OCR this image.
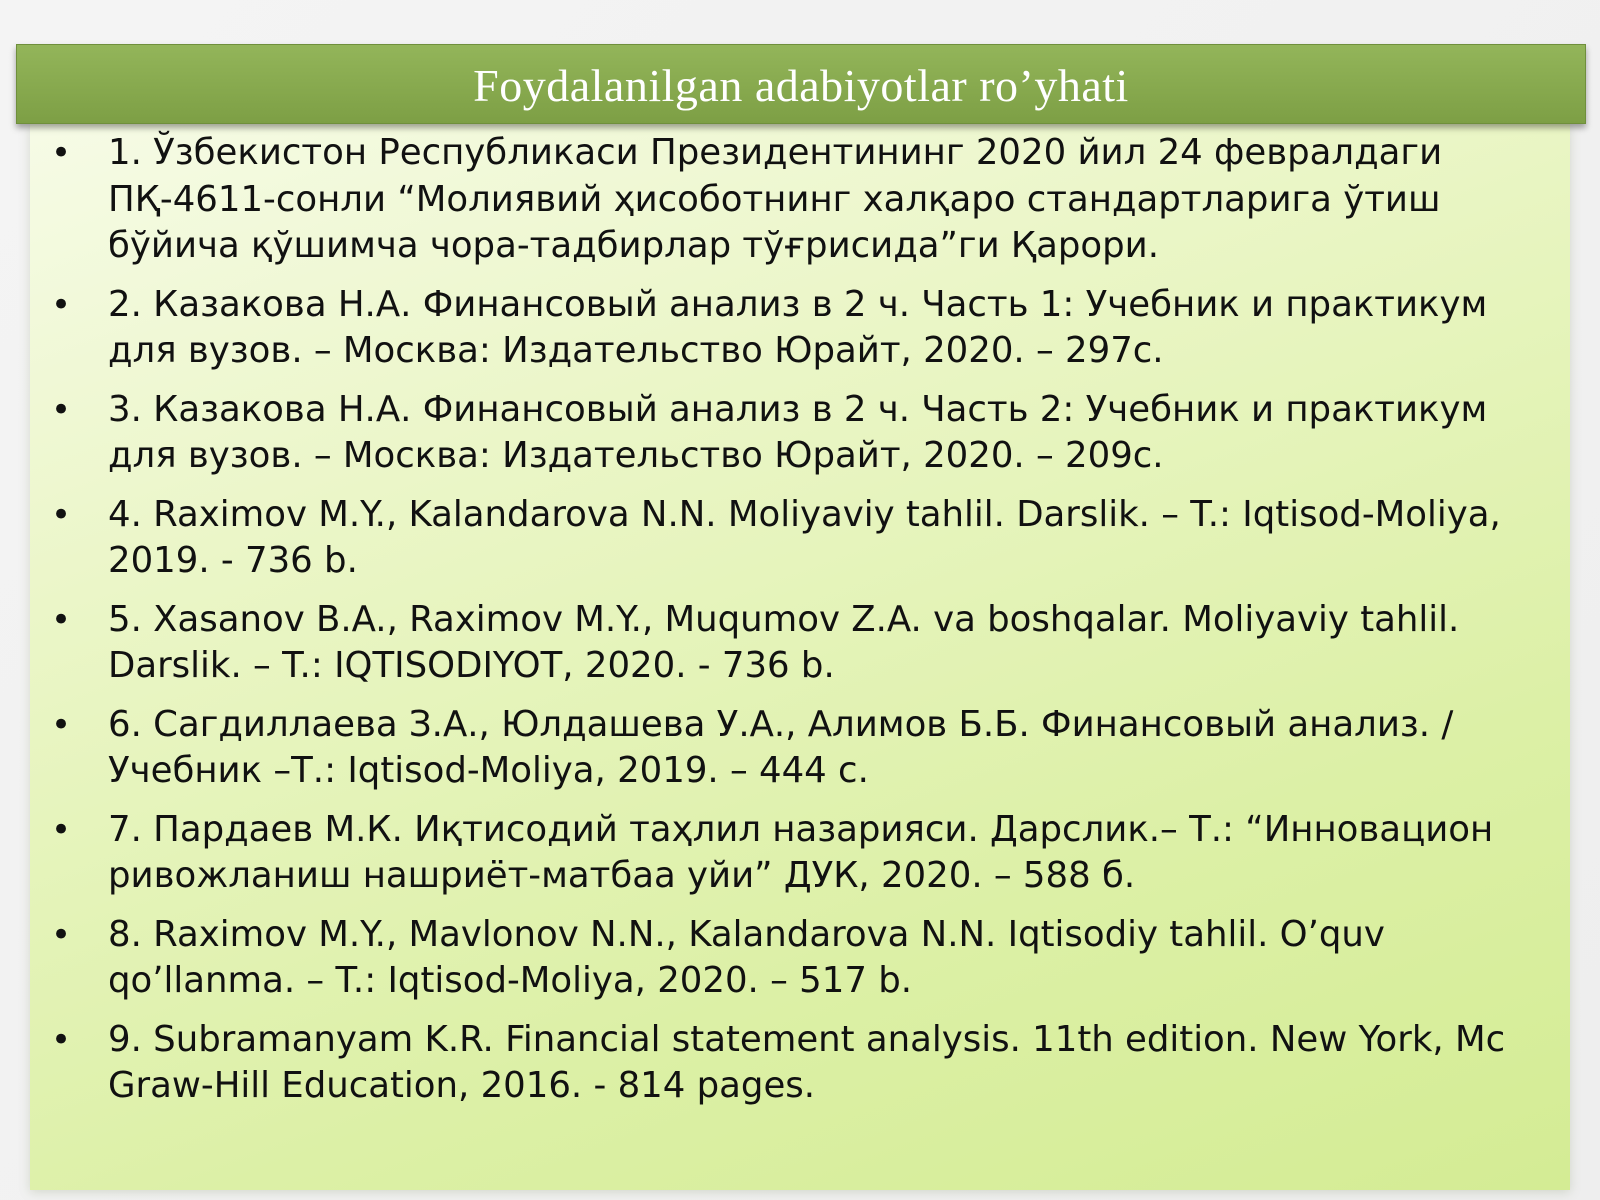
Foydalanilgan adabiyotlar ro’yhati
• 1. Ўзбекистон Республикаси Президентининг 2020 йил 24 февралдаги ПҚ-4611-сонли “Молиявий ҳисоботнинг халқаро стандартларига ўтиш бўйича қўшимча чора-тадбирлар тўғрисида”ги Қарори.
• 2. Казакова Н.А. Финансовый анализ в 2 ч. Часть 1: Учебник и практикум для вузов. – Москва: Издательство Юрайт, 2020. – 297с.
• 3. Казакова Н.А. Финансовый анализ в 2 ч. Часть 2: Учебник и практикум для вузов. – Москва: Издательство Юрайт, 2020. – 209с.
• 4. Raximov M.Y., Kalandarova N.N. Moliyaviy tahlil. Darslik. – T.: Iqtisod-Moliya, 2019. - 736 b.
• 5. Xasanov B.A., Raximov M.Y., Muqumov Z.A. va boshqalar. Moliyaviy tahlil. Darslik. – T.: IQTISODIYOT, 2020. - 736 b.
• 6. Сагдиллаева З.А., Юлдашева У.А., Алимов Б.Б. Финансовый анализ. / Учебник –Т.: Iqtisod-Moliya, 2019. – 444 с.
• 7. Пардаев М.К. Иқтисодий таҳлил назарияси. Дарслик.– Т.: “Инновацион ривожланиш нашриёт-матбаа уйи” ДУК, 2020. – 588 б.
• 8. Raximov M.Y., Mavlonov N.N., Kalandarova N.N. Iqtisodiy tahlil. O’quv qo’llanma. – T.: Iqtisod-Moliya, 2020. – 517 b.
• 9. Subramanyam K.R. Financial statement analysis. 11th edition. New York, Mc Graw-Hill Education, 2016. - 814 pages.
